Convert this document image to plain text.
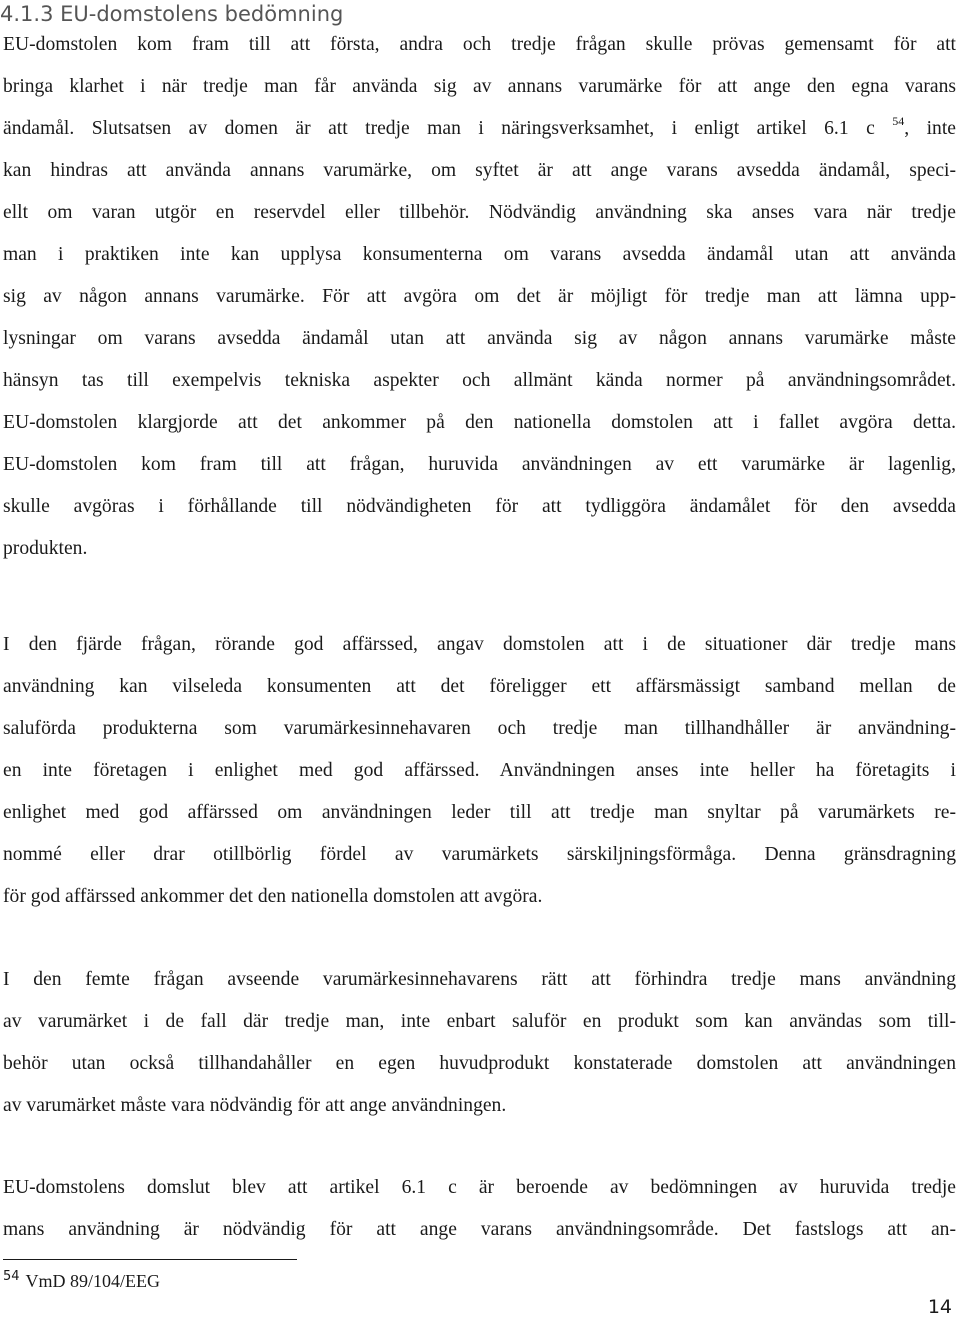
4.1.3 EU-domstolens bedömning
EU-domstolen kom fram till att första, andra och tredje frågan skulle prövas gemensamt för att
bringa klarhet i när tredje man får använda sig av annans varumärke för att ange den egna varans
ändamål. Slutsatsen av domen är att tredje man i näringsverksamhet, i enligt artikel 6.1 c $^{54}$, inte
kan hindras att använda annans varumärke, om syftet är att ange varans avsedda ändamål, speci-
ellt om varan utgör en reservdel eller tillbehör. Nödvändig användning ska anses vara när tredje
man i praktiken inte kan upplysa konsumenterna om varans avsedda ändamål utan att använda
sig av någon annans varumärke. För att avgöra om det är möjligt för tredje man att lämna upp-
lysningar om varans avsedda ändamål utan att använda sig av någon annans varumärke måste
hänsyn tas till exempelvis tekniska aspekter och allmänt kända normer på användningsområdet.
EU-domstolen klargjorde att det ankommer på den nationella domstolen att i fallet avgöra detta.
EU-domstolen kom fram till att frågan, huruvida användningen av ett varumärke är lagenlig,
skulle avgöras i förhållande till nödvändigheten för att tydliggöra ändamålet för den avsedda
produkten.
I den fjärde frågan, rörande god affärssed, angav domstolen att i de situationer där tredje mans
användning kan vilseleda konsumenten att det föreligger ett affärsmässigt samband mellan de
saluförda produkterna som varumärkesinnehavaren och tredje man tillhandhåller är användning-
en inte företagen i enlighet med god affärssed. Användningen anses inte heller ha företagits i
enlighet med god affärssed om användningen leder till att tredje man snyltar på varumärkets re-
nommé eller drar otillbörlig fördel av varumärkets särskiljningsförmåga. Denna gränsdragning
för god affärssed ankommer det den nationella domstolen att avgöra.
I den femte frågan avseende varumärkesinnehavarens rätt att förhindra tredje mans användning
av varumärket i de fall där tredje man, inte enbart saluför en produkt som kan användas som till-
behör utan också tillhandahåller en egen huvudprodukt konstaterade domstolen att användningen
av varumärket måste vara nödvändig för att ange användningen.
EU-domstolens domslut blev att artikel 6.1 c är beroende av bedömningen av huruvida tredje
mans användning är nödvändig för att ange varans användningsområde. Det fastslogs att an-
$^{54}$ VmD 89/104/EEG
14
